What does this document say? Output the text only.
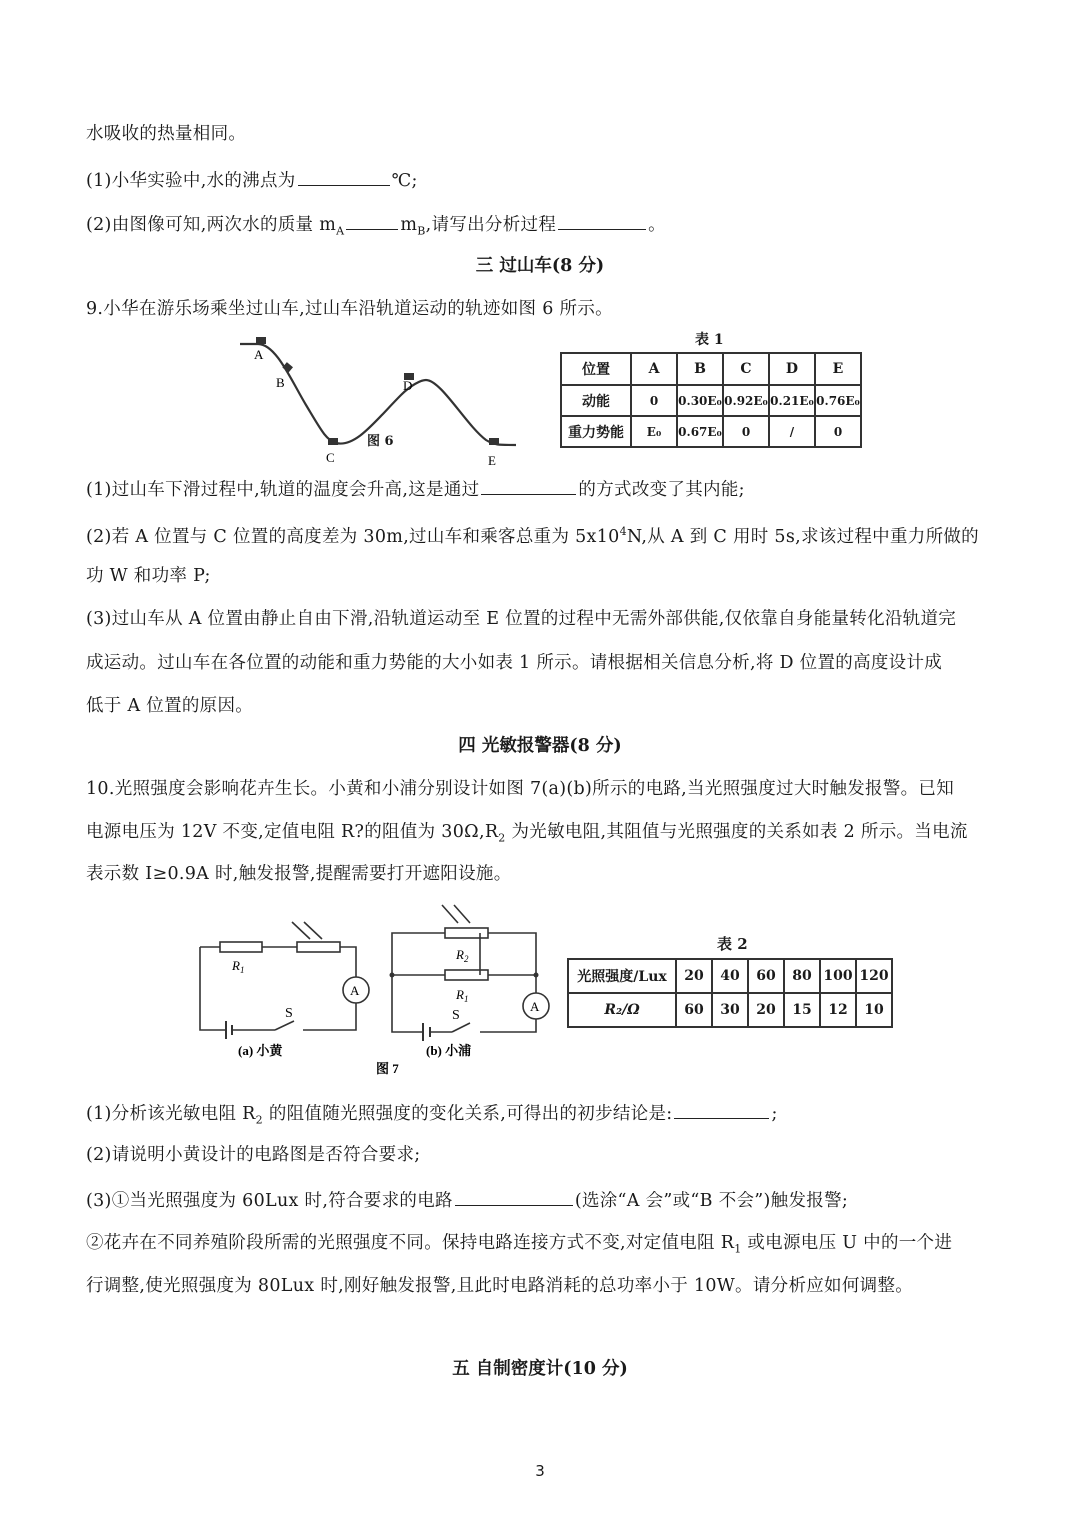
水吸收的热量相同。
(1)小华实验中,水的沸点为	℃;
(2)由图像可知,两次水的质量 $m_A$	$m_B$,请写出分析过程	。
三 过山车(8 分)
9.小华在游乐场乘坐过山车,过山车沿轨道运动的轨迹如图 6 所示。
A
B
C
D
E
图 6
表 1
位置	A	B	C	D	E
动能	0	0.30E₀	0.92E₀	0.21E₀	0.76E₀
重力势能	E₀	0.67E₀	0	/	0
(1)过山车下滑过程中,轨道的温度会升高,这是通过	的方式改变了其内能;
(2)若 A 位置与 C 位置的高度差为 30m,过山车和乘客总重为 $5x10^4N$,从 A 到 C 用时 5s,求该过程中重力所做的
功 W 和功率 P;
(3)过山车从 A 位置由静止自由下滑,沿轨道运动至 E 位置的过程中无需外部供能,仅依靠自身能量转化沿轨道完
成运动。过山车在各位置的动能和重力势能的大小如表 1 所示。请根据相关信息分析,将 D 位置的高度设计成
低于 A 位置的原因。
四 光敏报警器(8 分)
10.光照强度会影响花卉生长。小黄和小浦分别设计如图 7(a)(b)所示的电路,当光照强度过大时触发报警。已知
电源电压为 12V 不变,定值电阻 R?的阻值为 $30\Omega,R_2$ 为光敏电阻,其阻值与光照强度的关系如表 2 所示。当电流
表示数 I≥0.9A 时,触发报警,提醒需要打开遮阳设施。
A
$R_1$
S
(a) 小黄
A
$R_2$
$R_1$
S
(b) 小浦
图 7
表 2
光照强度/Lux	20	40	60	80	100	120
R₂/Ω	60	30	20	15	12	10
(1)分析该光敏电阻 $R_2$ 的阻值随光照强度的变化关系,可得出的初步结论是:	;
(2)请说明小黄设计的电路图是否符合要求;
(3)①当光照强度为 60Lux 时,符合要求的电路	(选涂“A 会”或“B 不会”)触发报警;
②花卉在不同养殖阶段所需的光照强度不同。保持电路连接方式不变,对定值电阻 $R_1$ 或电源电压 U 中的一个进
行调整,使光照强度为 80Lux 时,刚好触发报警,且此时电路消耗的总功率小于 10W。请分析应如何调整。
五 自制密度计(10 分)
3
